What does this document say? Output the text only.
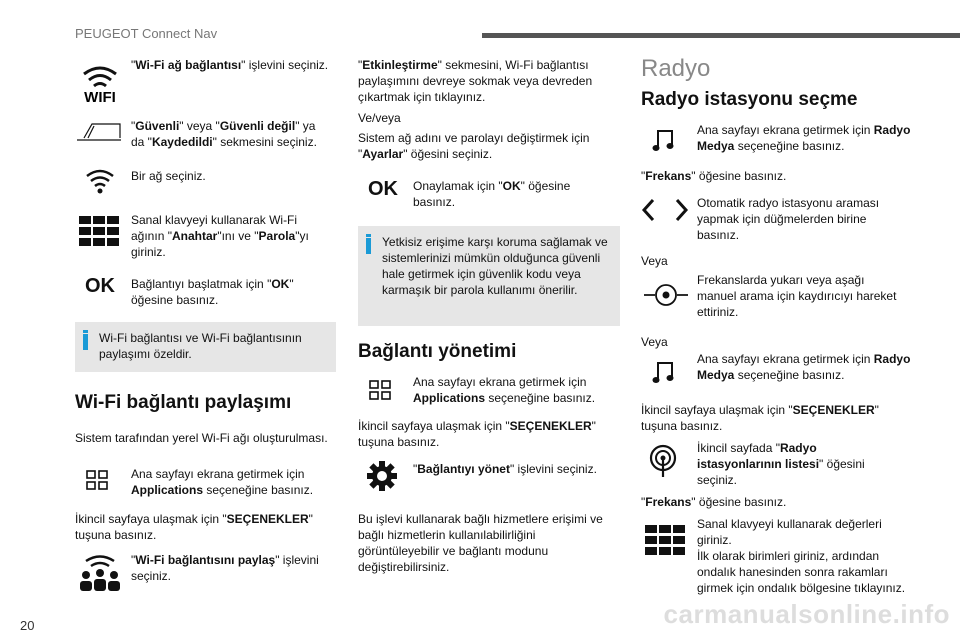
PEUGEOT Connect Nav
WIFI
"Wi-Fi ağ bağlantısı" işlevini seçiniz.
"Güvenli" veya "Güvenli değil" ya da "Kaydedildi" sekmesini seçiniz.
Bir ağ seçiniz.
Sanal klavyeyi kullanarak Wi-Fi ağının "Anahtar"ını ve "Parola"yı giriniz.
OK Bağlantıyı başlatmak için "OK" öğesine basınız.
Wi-Fi bağlantısı ve Wi-Fi bağlantısının paylaşımı özeldir.
Wi-Fi bağlantı paylaşımı
Sistem tarafından yerel Wi-Fi ağı oluşturulması.
Ana sayfayı ekrana getirmek için Applications seçeneğine basınız.
İkincil sayfaya ulaşmak için "SEÇENEKLER" tuşuna basınız.
"Wi-Fi bağlantısını paylaş" işlevini seçiniz.
"Etkinleştirme" sekmesini, Wi-Fi bağlantısı paylaşımını devreye sokmak veya devreden çıkartmak için tıklayınız.
Ve/veya
Sistem ağ adını ve parolayı değiştirmek için "Ayarlar" öğesini seçiniz.
OK Onaylamak için "OK" öğesine basınız.
Yetkisiz erişime karşı koruma sağlamak ve sistemlerinizi mümkün olduğunca güvenli hale getirmek için güvenlik kodu veya karmaşık bir parola kullanımı önerilir.
Bağlantı yönetimi
Ana sayfayı ekrana getirmek için Applications seçeneğine basınız.
İkincil sayfaya ulaşmak için "SEÇENEKLER" tuşuna basınız.
"Bağlantıyı yönet" işlevini seçiniz.
Bu işlevi kullanarak bağlı hizmetlere erişimi ve bağlı hizmetlerin kullanılabilirliğini görüntüleyebilir ve bağlantı modunu değiştirebilirsiniz.
Radyo
Radyo istasyonu seçme
Ana sayfayı ekrana getirmek için Radyo Medya seçeneğine basınız.
"Frekans" öğesine basınız.
Otomatik radyo istasyonu araması yapmak için düğmelerden birine basınız.
Veya
Frekanslarda yukarı veya aşağı manuel arama için kaydırıcıyı hareket ettiriniz.
Veya
Ana sayfayı ekrana getirmek için Radyo Medya seçeneğine basınız.
İkincil sayfaya ulaşmak için "SEÇENEKLER" tuşuna basınız.
İkincil sayfada "Radyo istasyonlarının listesi" öğesini seçiniz.
"Frekans" öğesine basınız.
Sanal klavyeyi kullanarak değerleri giriniz.
İlk olarak birimleri giriniz, ardından ondalık hanesinden sonra rakamları girmek için ondalık bölgesine tıklayınız.
20	carmanualsonline.info
